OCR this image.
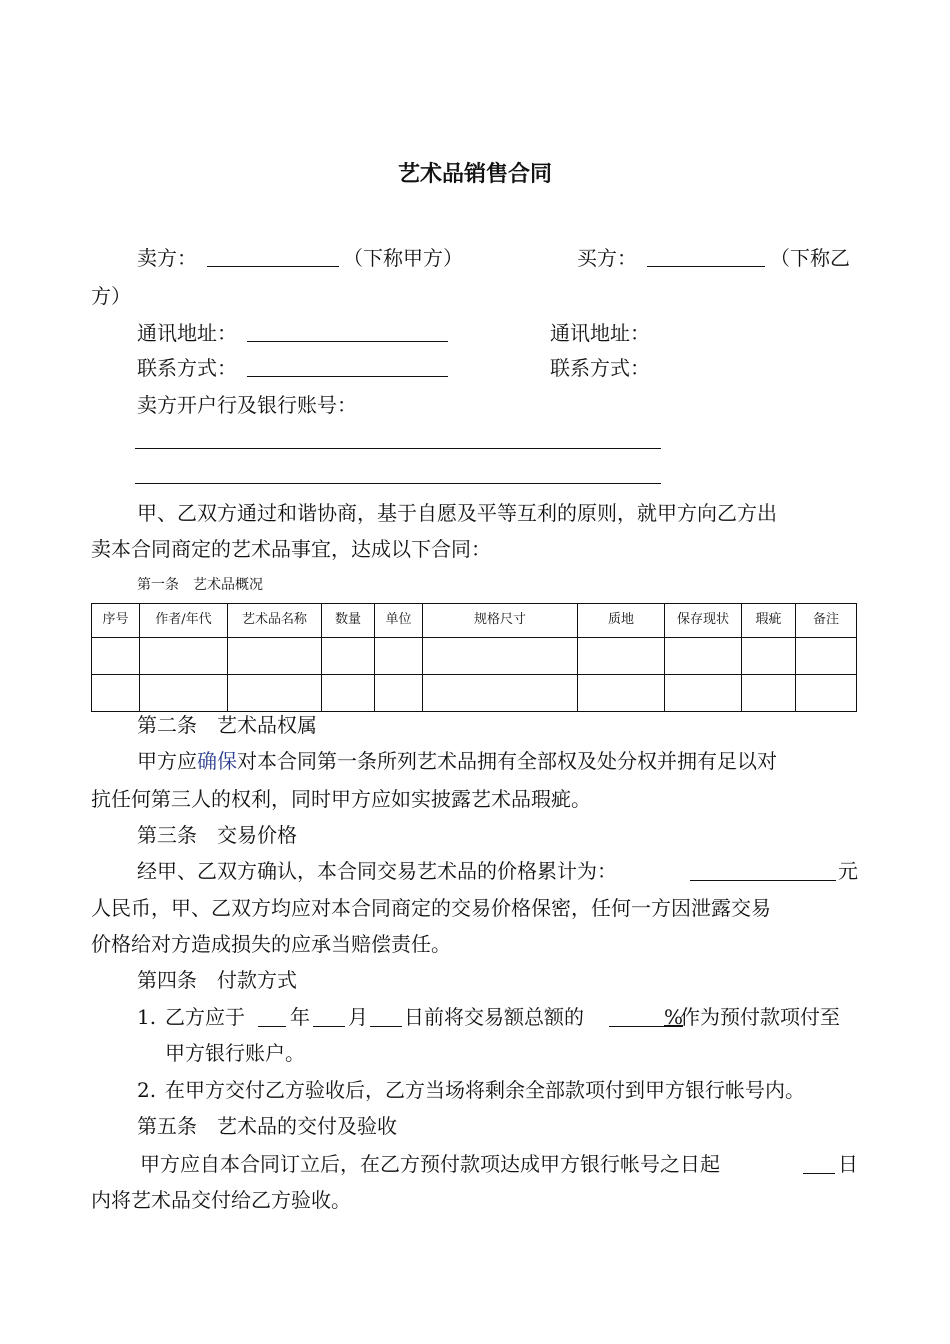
艺术品销售合同
卖方：	（下称甲方）	买方：	（下称乙
方）
通讯地址：	通讯地址：
联系方式：	联系方式：
卖方开户行及银行账号：
甲、乙双方通过和谐协商，基于自愿及平等互利的原则，就甲方向乙方出
卖本合同商定的艺术品事宜，达成以下合同：
第一条　艺术品概况
序号	作者/年代	艺术品名称	数量	单位	规格尺寸	质地	保存现状	瑕疵	备注

第二条　艺术品权属
甲方应确保对本合同第一条所列艺术品拥有全部权及处分权并拥有足以对
抗任何第三人的权利，同时甲方应如实披露艺术品瑕疵。
第三条　交易价格
经甲、乙双方确认，本合同交易艺术品的价格累计为：	元
人民币，甲、乙双方均应对本合同商定的交易价格保密，任何一方因泄露交易
价格给对方造成损失的应承当赔偿责任。
第四条　付款方式
1. 乙方应于 年 月 日前将交易额总额的	%
作为预付款项付至
甲方银行账户。
2. 在甲方交付乙方验收后，乙方当场将剩余全部款项付到甲方银行帐号内。
第五条　艺术品的交付及验收
甲方应自本合同订立后，在乙方预付款项达成甲方银行帐号之日起	日
内将艺术品交付给乙方验收。
